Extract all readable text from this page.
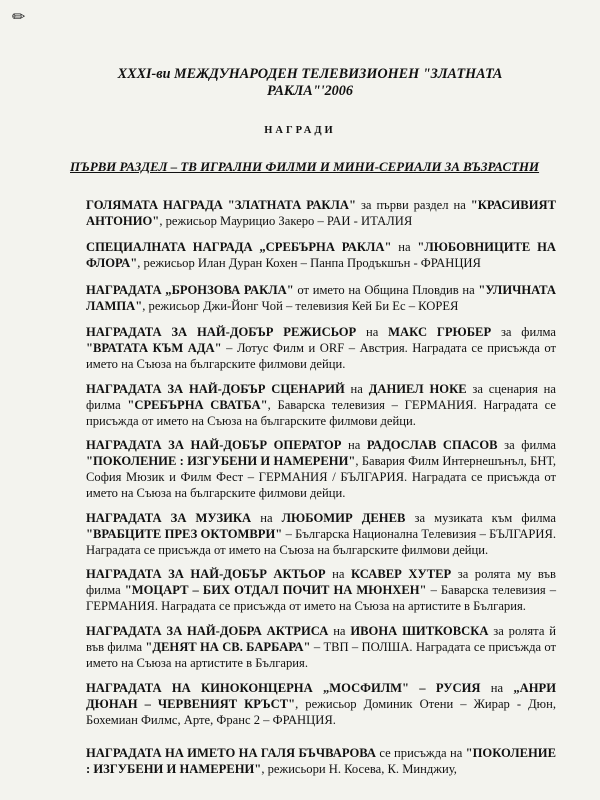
✏
XXXI-ви МЕЖДУНАРОДЕН ТЕЛЕВИЗИОНЕН "ЗЛАТНАТА РАКЛА"'2006
НАГРАДИ
ПЪРВИ РАЗДЕЛ – ТВ ИГРАЛНИ ФИЛМИ И МИНИ-СЕРИАЛИ ЗА ВЪЗРАСТНИ

ГОЛЯМАТА НАГРАДА "ЗЛАТНАТА РАКЛА" за първи раздел на "КРАСИВИЯТ АНТОНИО", режисьор Маурицио Закеро – РАИ - ИТАЛИЯ

СПЕЦИАЛНАТА НАГРАДА „СРЕБЪРНА РАКЛА" на "ЛЮБОВНИЦИТЕ НА ФЛОРА", режисьор Илан Дуран Кохен – Панпа Продъкшън - ФРАНЦИЯ

НАГРАДАТА „БРОНЗОВА РАКЛА" от името на Община Пловдив на "УЛИЧНАТА ЛАМПА", режисьор Джи-Йонг Чой – телевизия Кей Би Ес – КОРЕЯ

НАГРАДАТА ЗА НАЙ-ДОБЪР РЕЖИСЬОР на МАКС ГРЮБЕР за филма "ВРАТАТА КЪМ АДА" – Лотус Филм и ORF – Австрия. Наградата се присъжда от името на Съюза на българските филмови дейци.

НАГРАДАТА ЗА НАЙ-ДОБЪР СЦЕНАРИЙ на ДАНИЕЛ НОКЕ за сценария на филма "СРЕБЪРНА СВАТБА", Баварска телевизия – ГЕРМАНИЯ. Наградата се присъжда от името на Съюза на българските филмови дейци.

НАГРАДАТА ЗА НАЙ-ДОБЪР ОПЕРАТОР на РАДОСЛАВ СПАСОВ за филма "ПОКОЛЕНИЕ : ИЗГУБЕНИ И НАМЕРЕНИ", Бавария Филм Интернешънъл, БНТ, София Мюзик и Филм Фест – ГЕРМАНИЯ / БЪЛГАРИЯ. Наградата се присъжда от името на Съюза на българските филмови дейци.

НАГРАДАТА ЗА МУЗИКА на ЛЮБОМИР ДЕНЕВ за музиката към филма "ВРАБЦИТЕ ПРЕЗ ОКТОМВРИ" – Българска Национална Телевизия – БЪЛГАРИЯ. Наградата се присъжда от името на Съюза на българските филмови дейци.

НАГРАДАТА ЗА НАЙ-ДОБЪР АКТЬОР на КСАВЕР ХУТЕР за ролята му във филма "МОЦАРТ – БИХ ОТДАЛ ПОЧИТ НА МЮНХЕН" – Баварска телевизия – ГЕРМАНИЯ. Наградата се присъжда от името на Съюза на артистите в България.

НАГРАДАТА ЗА НАЙ-ДОБРА АКТРИСА на ИВОНА ШИТКОВСКА за ролята й във филма "ДЕНЯТ НА СВ. БАРБАРА" – ТВП – ПОЛША. Наградата се присъжда от името на Съюза на артистите в България.

НАГРАДАТА НА КИНОКОНЦЕРНА „МОСФИЛМ" – РУСИЯ на „АНРИ ДЮНАН – ЧЕРВЕНИЯТ КРЪСТ", режисьор Доминик Отени – Жирар - Дюн, Бохемиан Филмс, Арте, Франс 2 – ФРАНЦИЯ.

НАГРАДАТА НА ИМЕТО НА ГАЛЯ БЪЧВАРОВА се присъжда на "ПОКОЛЕНИЕ : ИЗГУБЕНИ И НАМЕРЕНИ", режисьори Н. Косева, К. Минджиу,
